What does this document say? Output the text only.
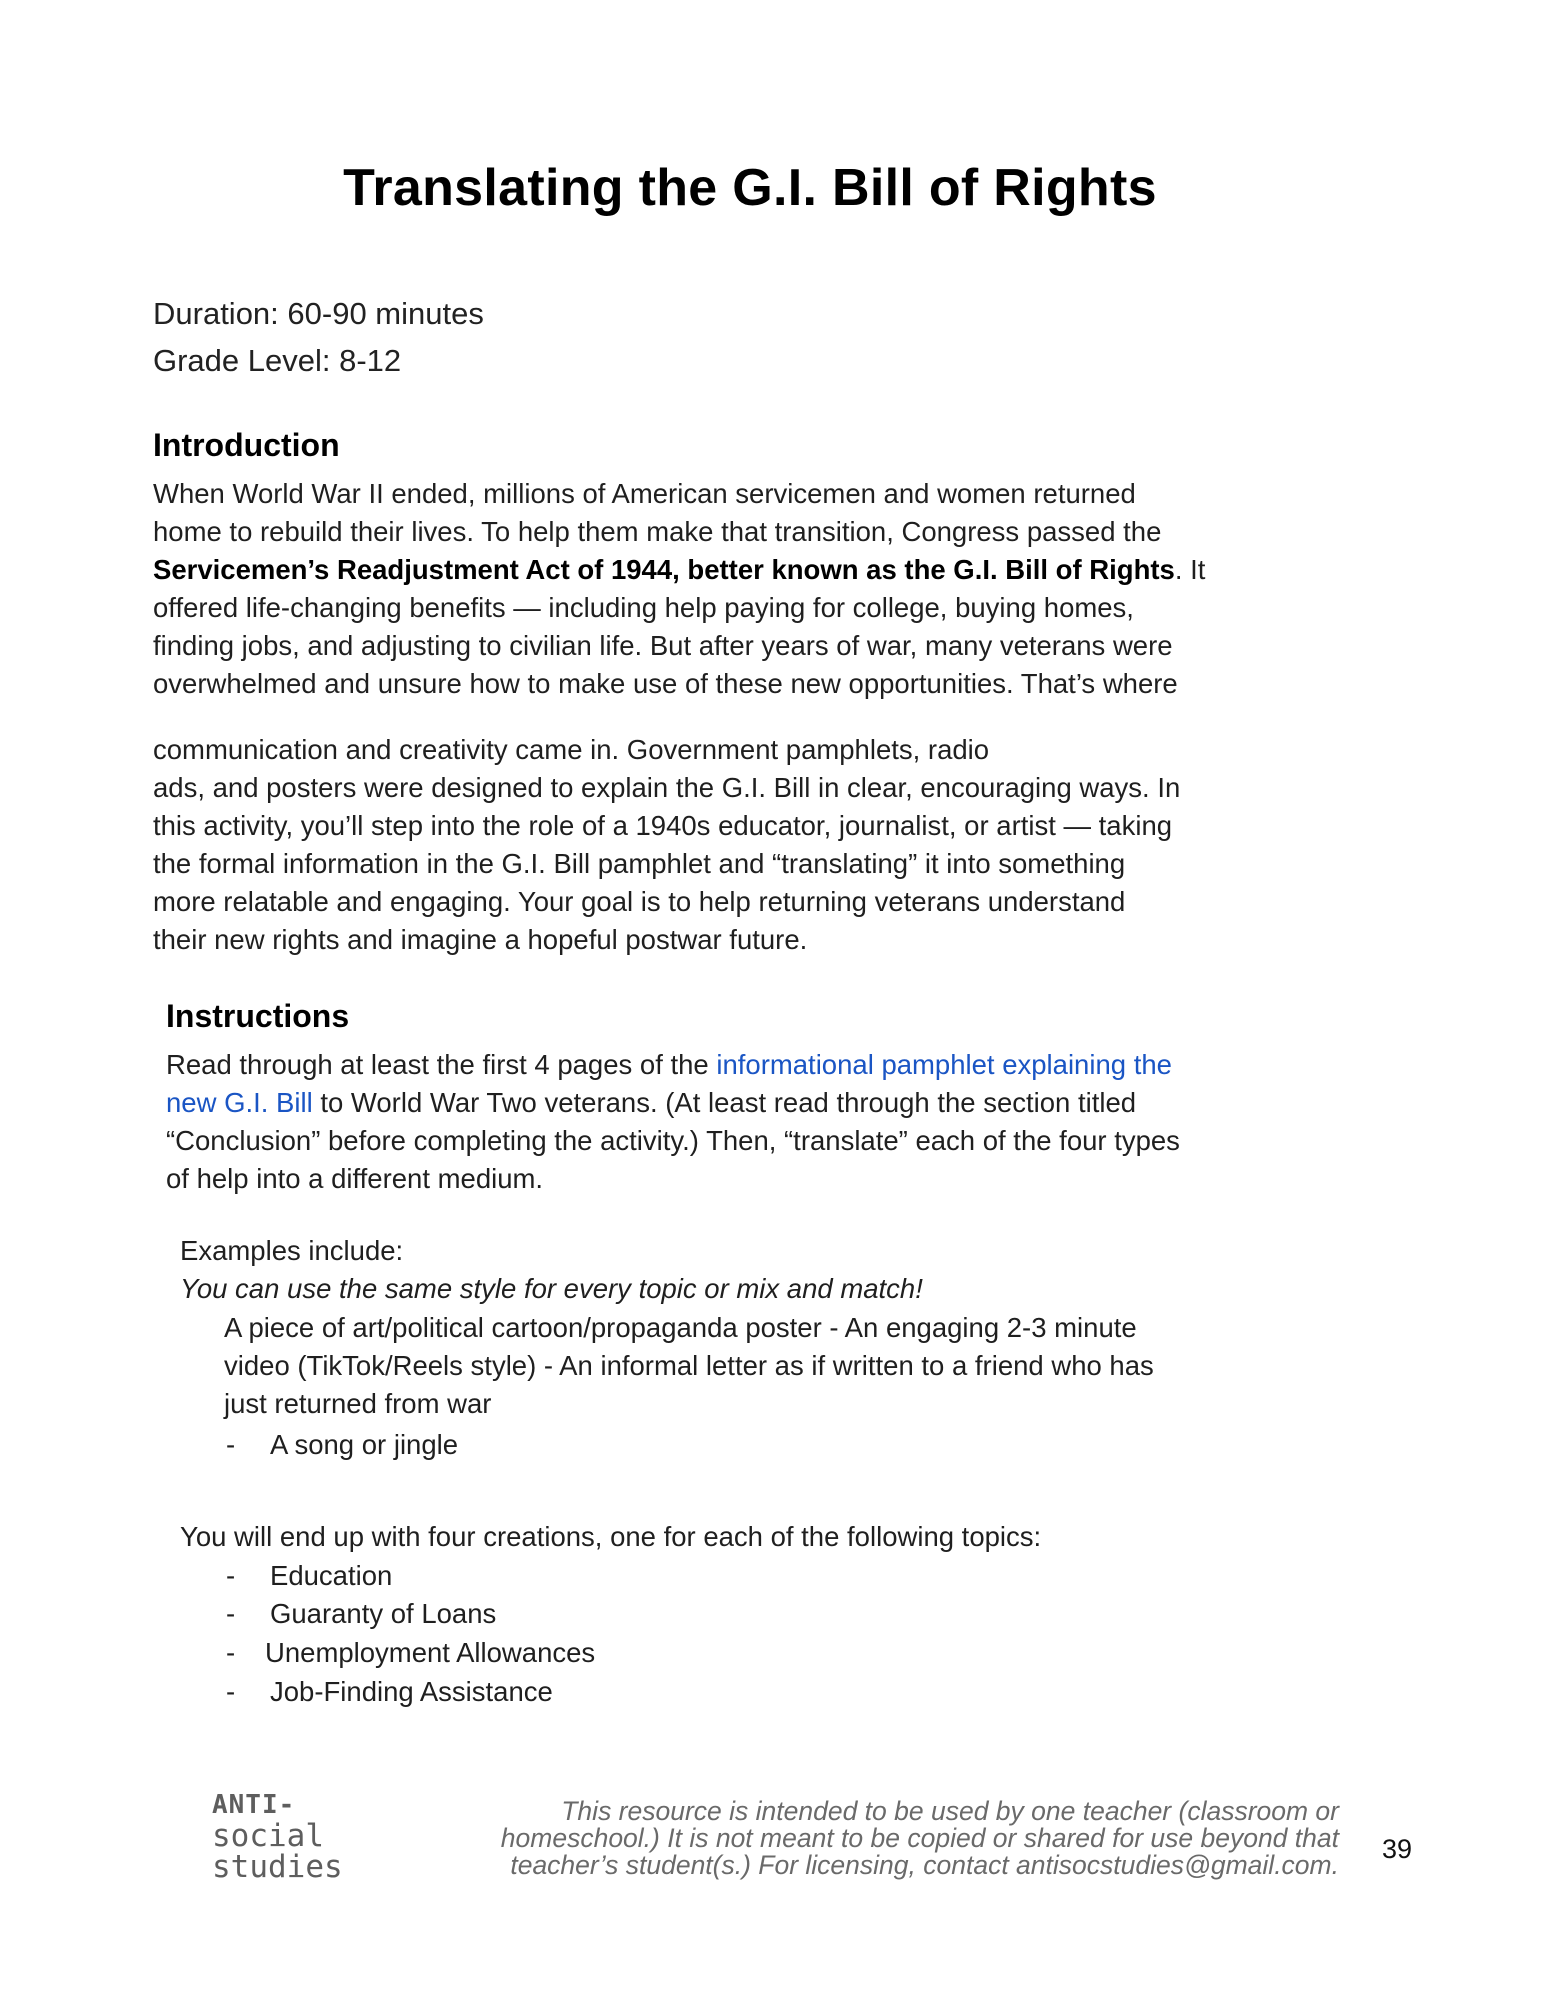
Translating the G.I. Bill of Rights
Duration: 60-90 minutes
Grade Level: 8-12
Introduction
When World War II ended, millions of American servicemen and women returned
home to rebuild their lives. To help them make that transition, Congress passed the
Servicemen’s Readjustment Act of 1944, better known as the G.I. Bill of Rights. It
offered life-changing benefits — including help paying for college, buying homes,
finding jobs, and adjusting to civilian life. But after years of war, many veterans were
overwhelmed and unsure how to make use of these new opportunities. That’s where
communication and creativity came in. Government pamphlets, radio
ads, and posters were designed to explain the G.I. Bill in clear, encouraging ways. In
this activity, you’ll step into the role of a 1940s educator, journalist, or artist — taking
the formal information in the G.I. Bill pamphlet and “translating” it into something
more relatable and engaging. Your goal is to help returning veterans understand
their new rights and imagine a hopeful postwar future.
Instructions
Read through at least the first 4 pages of the informational pamphlet explaining the
new G.I. Bill to World War Two veterans. (At least read through the section titled
“Conclusion” before completing the activity.) Then, “translate” each of the four types
of help into a different medium.
Examples include:
You can use the same style for every topic or mix and match!
A piece of art/political cartoon/propaganda poster - An engaging 2-3 minute
video (TikTok/Reels style) - An informal letter as if written to a friend who has
just returned from war
- A song or jingle
You will end up with four creations, one for each of the following topics:
- Education
- Guaranty of Loans
- Unemployment Allowances
- Job-Finding Assistance
ANTI-
social
studies
This resource is intended to be used by one teacher (classroom or
homeschool.) It is not meant to be copied or shared for use beyond that
teacher’s student(s.) For licensing, contact antisocstudies@gmail.com.
39
